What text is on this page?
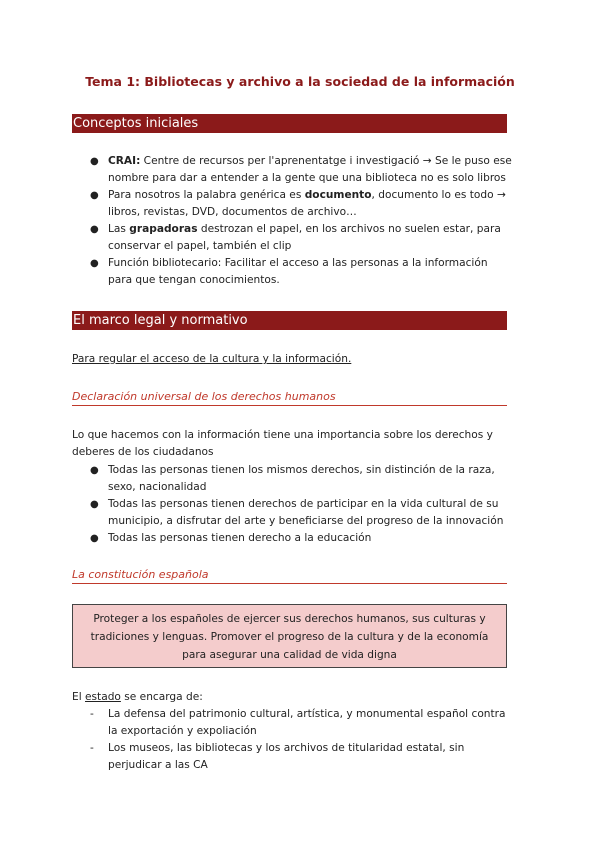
Tema 1: Bibliotecas y archivo a la sociedad de la información
Conceptos iniciales
● CRAI: Centre de recursos per l'aprenentatge i investigació → Se le puso ese nombre para dar a entender a la gente que una biblioteca no es solo libros
● Para nosotros la palabra genérica es documento, documento lo es todo → libros, revistas, DVD, documentos de archivo…
● Las grapadoras destrozan el papel, en los archivos no suelen estar, para conservar el papel, también el clip
● Función bibliotecario: Facilitar el acceso a las personas a la información para que tengan conocimientos.
El marco legal y normativo

Para regular el acceso de la cultura y la información.

Declaración universal de los derechos humanos

Lo que hacemos con la información tiene una importancia sobre los derechos y deberes de los ciudadanos

● Todas las personas tienen los mismos derechos, sin distinción de la raza, sexo, nacionalidad
● Todas las personas tienen derechos de participar en la vida cultural de su municipio, a disfrutar del arte y beneficiarse del progreso de la innovación
● Todas las personas tienen derecho a la educación
La constitución española
Proteger a los españoles de ejercer sus derechos humanos, sus culturas y tradiciones y lenguas. Promover el progreso de la cultura y de la economía para asegurar una calidad de vida digna

El estado se encarga de:

- La defensa del patrimonio cultural, artística, y monumental español contra la exportación y expoliación
- Los museos, las bibliotecas y los archivos de titularidad estatal, sin perjudicar a las CA
